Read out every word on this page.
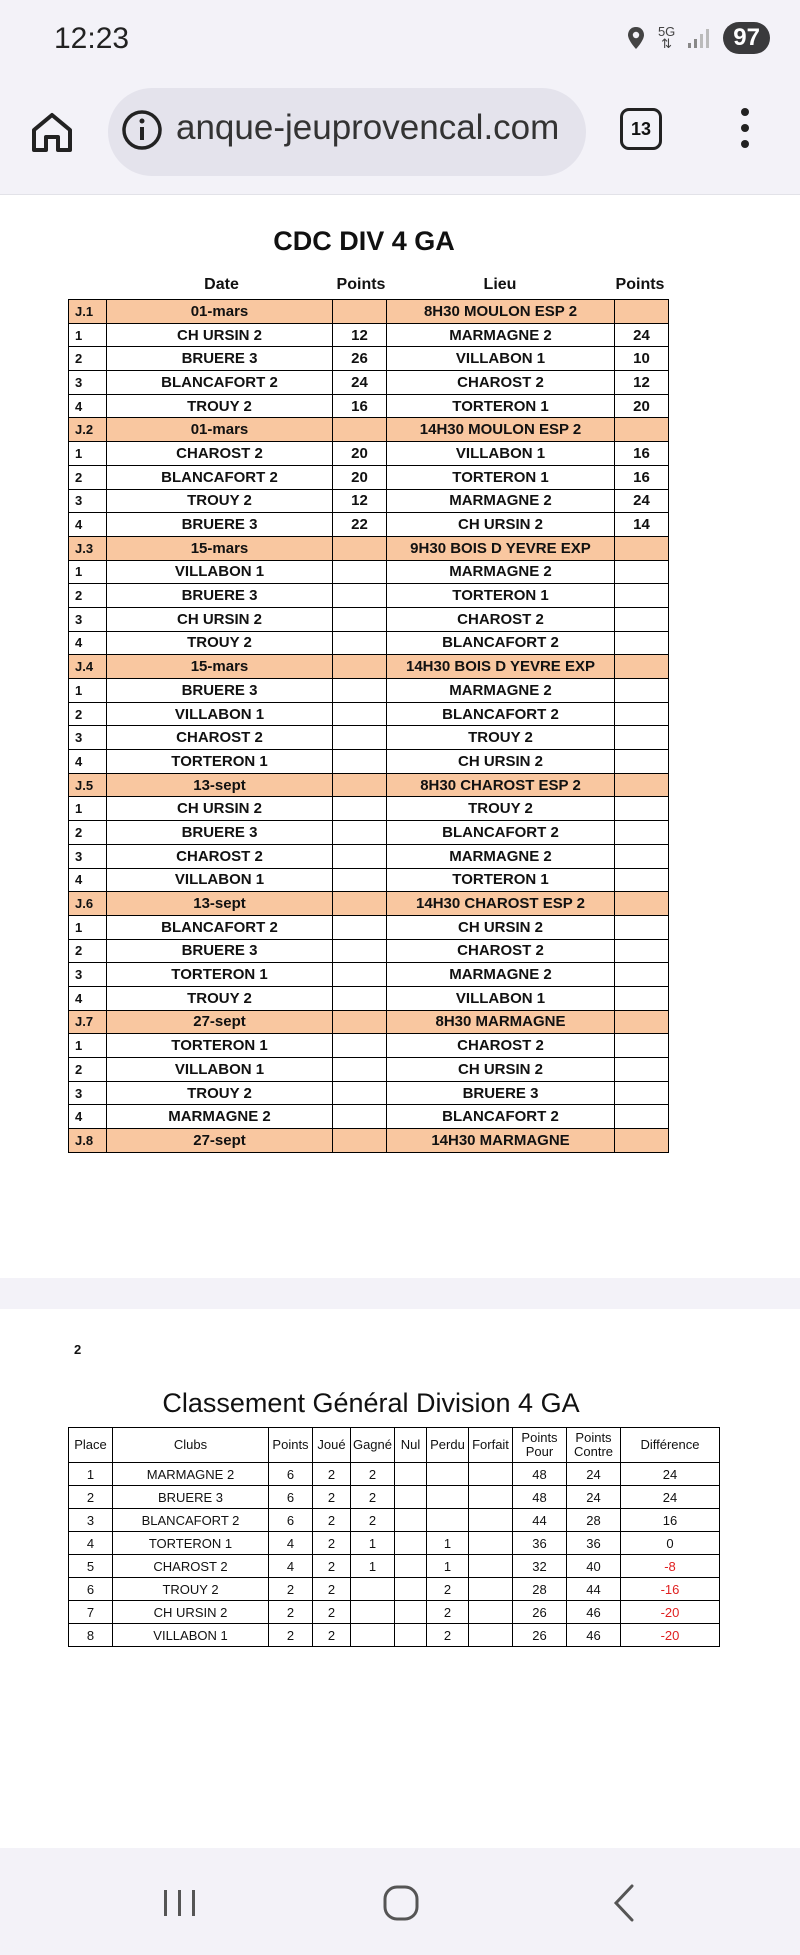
12:23	5G
⇅	97
anque-jeuprovencal.com	13
CDC DIV 4 GA
Date	Points	Lieu	Points
J.1	01-mars		8H30 MOULON ESP 2	
1	CH URSIN 2	12	MARMAGNE 2	24
2	BRUERE 3	26	VILLABON 1	10
3	BLANCAFORT 2	24	CHAROST 2	12
4	TROUY 2	16	TORTERON 1	20
J.2	01-mars		14H30 MOULON ESP 2	
1	CHAROST 2	20	VILLABON 1	16
2	BLANCAFORT 2	20	TORTERON 1	16
3	TROUY 2	12	MARMAGNE 2	24
4	BRUERE 3	22	CH URSIN 2	14
J.3	15-mars		9H30 BOIS D YEVRE EXP	
1	VILLABON 1		MARMAGNE 2	
2	BRUERE 3		TORTERON 1	
3	CH URSIN 2		CHAROST 2	
4	TROUY 2		BLANCAFORT 2	
J.4	15-mars		14H30 BOIS D YEVRE EXP	
1	BRUERE 3		MARMAGNE 2	
2	VILLABON 1		BLANCAFORT 2	
3	CHAROST 2		TROUY 2	
4	TORTERON 1		CH URSIN 2	
J.5	13-sept		8H30 CHAROST ESP 2	
1	CH URSIN 2		TROUY 2	
2	BRUERE 3		BLANCAFORT 2	
3	CHAROST 2		MARMAGNE 2	
4	VILLABON 1		TORTERON 1	
J.6	13-sept		14H30 CHAROST ESP 2	
1	BLANCAFORT 2		CH URSIN 2	
2	BRUERE 3		CHAROST 2	
3	TORTERON 1		MARMAGNE 2	
4	TROUY 2		VILLABON 1	
J.7	27-sept		8H30 MARMAGNE	
1	TORTERON 1		CHAROST 2	
2	VILLABON 1		CH URSIN 2	
3	TROUY 2		BRUERE 3	
4	MARMAGNE 2		BLANCAFORT 2	
J.8	27-sept		14H30 MARMAGNE	
2
Classement Général Division 4 GA
Place	Clubs	Points	Joué	Gagné	Nul	Perdu	Forfait	Points Pour	Points Contre	Différence
1	MARMAGNE 2	6	2	2				48	24	24
2	BRUERE 3	6	2	2				48	24	24
3	BLANCAFORT 2	6	2	2				44	28	16
4	TORTERON 1	4	2	1		1		36	36	0
5	CHAROST 2	4	2	1		1		32	40	-8
6	TROUY 2	2	2			2		28	44	-16
7	CH URSIN 2	2	2			2		26	46	-20
8	VILLABON 1	2	2			2		26	46	-20
